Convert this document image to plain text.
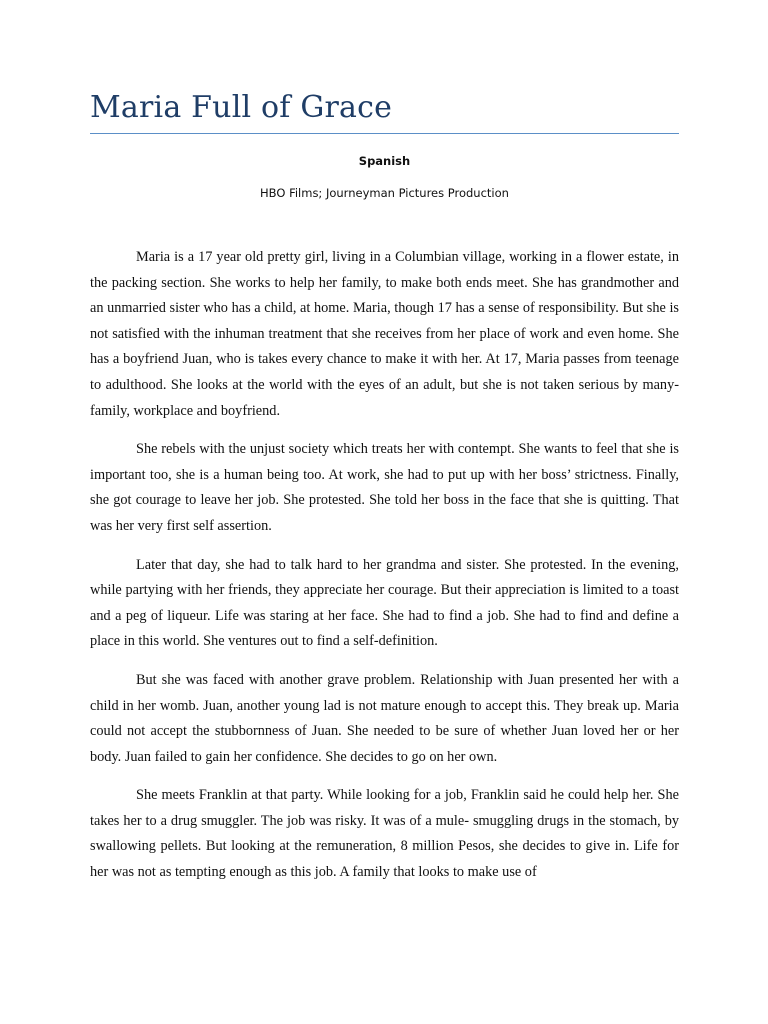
Maria Full of Grace
Spanish
HBO Films; Journeyman Pictures Production

Maria is a 17 year old pretty girl, living in a Columbian village, working in a flower estate, in the packing section. She works to help her family, to make both ends meet. She has grandmother and an unmarried sister who has a child, at home. Maria, though 17 has a sense of responsibility. But she is not satisfied with the inhuman treatment that she receives from her place of work and even home. She has a boyfriend Juan, who is takes every chance to make it with her. At 17, Maria passes from teenage to adulthood. She looks at the world with the eyes of an adult, but she is not taken serious by many- family, workplace and boyfriend.

She rebels with the unjust society which treats her with contempt. She wants to feel that she is important too, she is a human being too. At work, she had to put up with her boss’ strictness. Finally, she got courage to leave her job. She protested. She told her boss in the face that she is quitting. That was her very first self assertion.

Later that day, she had to talk hard to her grandma and sister. She protested. In the evening, while partying with her friends, they appreciate her courage. But their appreciation is limited to a toast and a peg of liqueur. Life was staring at her face. She had to find a job. She had to find and define a place in this world. She ventures out to find a self-definition.

But she was faced with another grave problem. Relationship with Juan presented her with a child in her womb. Juan, another young lad is not mature enough to accept this. They break up. Maria could not accept the stubbornness of Juan. She needed to be sure of whether Juan loved her or her body. Juan failed to gain her confidence. She decides to go on her own.

She meets Franklin at that party. While looking for a job, Franklin said he could help her. She takes her to a drug smuggler. The job was risky. It was of a mule- smuggling drugs in the stomach, by swallowing pellets. But looking at the remuneration, 8 million Pesos, she decides to give in. Life for her was not as tempting enough as this job. A family that looks to make use of
